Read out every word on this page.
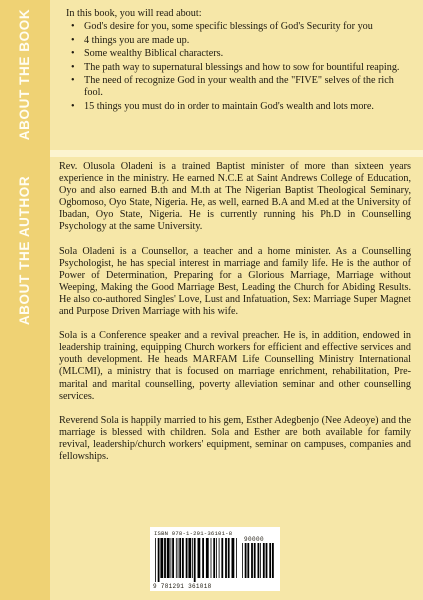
ABOUT THE BOOK
ABOUT THE AUTHOR

In this book, you will read about:

• God's desire for you, some specific blessings of God's Security for you
• 4 things you are made up.
• Some wealthy Biblical characters.
• The path way to supernatural blessings and how to sow for bountiful reaping.
• The need of recognize God in your wealth and the "FIVE" selves of the rich fool.
• 15 things you must do in order to maintain God's wealth and lots more.

Rev. Olusola Oladeni is a trained Baptist minister of more than sixteen years experience in the ministry. He earned N.C.E at Saint Andrews College of Education, Oyo and also earned B.th and M.th at The Nigerian Baptist Theological Seminary, Ogbomoso, Oyo State, Nigeria. He, as well, earned B.A and M.ed at the University of Ibadan, Oyo State, Nigeria. He is currently running his Ph.D in Counselling Psychology at the same University.

Sola Oladeni is a Counsellor, a teacher and a home minister. As a Counselling Psychologist, he has special interest in marriage and family life. He is the author of Power of Determination, Preparing for a Glorious Marriage, Marriage without Weeping, Making the Good Marriage Best, Leading the Church for Abiding Results. He also co-authored Singles' Love, Lust and Infatuation, Sex: Marriage Super Magnet and Purpose Driven Marriage with his wife.

Sola is a Conference speaker and a revival preacher. He is, in addition, endowed in leadership training, equipping Church workers for efficient and effective services and youth development. He heads MARFAM Life Counselling Ministry International (MLCMI), a ministry that is focused on marriage enrichment, rehabilitation, Pre-marital and marital counselling, poverty alleviation seminar and other counselling services.

Reverend Sola is happily married to his gem, Esther Adegbenjo (Nee Adeoye) and the marriage is blessed with children. Sola and Esther are both available for family revival, leadership/church workers' equipment, seminar on campuses, companies and fellowships.

ISBN 978-1-291-36101-8
9 781291 361018
90000
